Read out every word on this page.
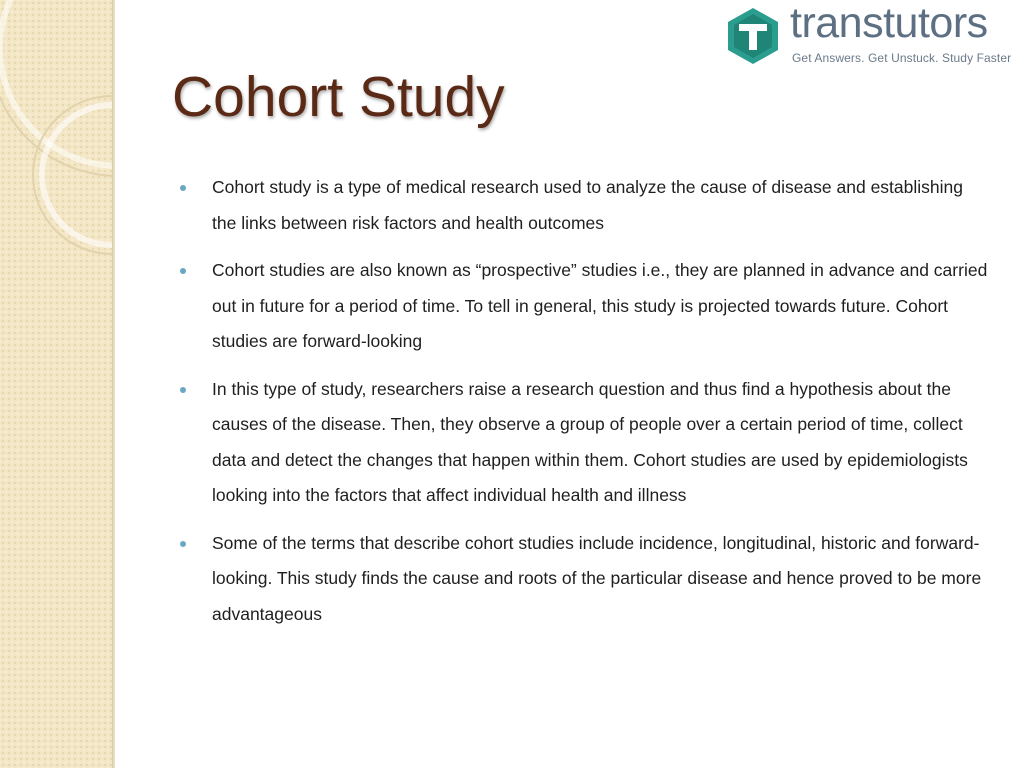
transtutors
Get Answers. Get Unstuck. Study Faster
Cohort Study
Cohort study is a type of medical research used to analyze the cause of disease and establishing the links between risk factors and health outcomes
Cohort studies are also known as “prospective” studies i.e., they are planned in advance and carried out in future for a period of time. To tell in general, this study is projected towards future. Cohort studies are forward-looking
In this type of study, researchers raise a research question and thus find a hypothesis about the causes of the disease. Then, they observe a group of people over a certain period of time, collect data and detect the changes that happen within them. Cohort studies are used by epidemiologists looking into the factors that affect individual health and illness
Some of the terms that describe cohort studies include incidence, longitudinal, historic and forward-looking. This study finds the cause and roots of the particular disease and hence proved to be more advantageous
